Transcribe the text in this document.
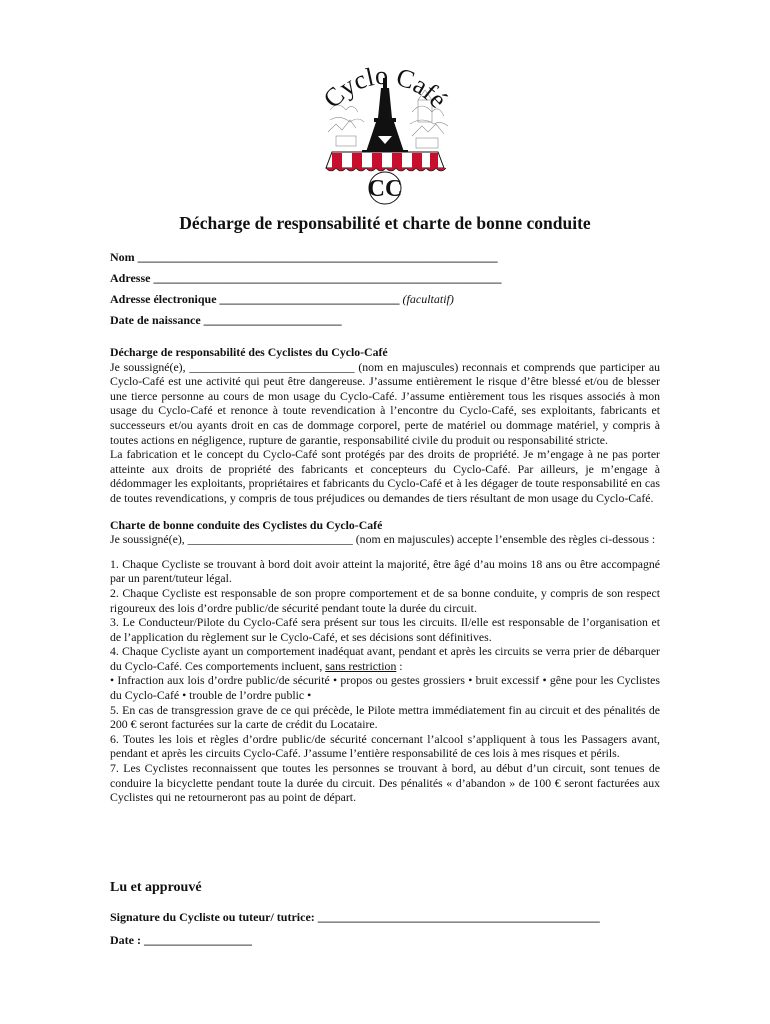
Cyclo Café
CC
Décharge de responsabilité et charte de bonne conduite
Nom ____________________________________________________________
Adresse __________________________________________________________
Adresse électronique ______________________________ (facultatif)
Date de naissance _______________________

Décharge de responsabilité des Cyclistes du Cyclo-Café

Je soussigné(e), ____________________________ (nom en majuscules) reconnais et comprends que participer au Cyclo-Café est une activité qui peut être dangereuse. J’assume entièrement le risque d’être blessé et/ou de blesser une tierce personne au cours de mon usage du Cyclo-Café. J’assume entièrement tous les risques associés à mon usage du Cyclo-Café et renonce à toute revendication à l’encontre du Cyclo-Café, ses exploitants, fabricants et successeurs et/ou ayants droit en cas de dommage corporel, perte de matériel ou dommage matériel, y compris à toutes actions en négligence, rupture de garantie, responsabilité civile du produit ou responsabilité stricte.

La fabrication et le concept du Cyclo-Café sont protégés par des droits de propriété. Je m’engage à ne pas porter atteinte aux droits de propriété des fabricants et concepteurs du Cyclo-Café. Par ailleurs, je m’engage à dédommager les exploitants, propriétaires et fabricants du Cyclo-Café et à les dégager de toute responsabilité en cas de toutes revendications, y compris de tous préjudices ou demandes de tiers résultant de mon usage du Cyclo-Café.

Charte de bonne conduite des Cyclistes du Cyclo-Café

Je soussigné(e), ____________________________ (nom en majuscules) accepte l’ensemble des règles ci-dessous :

1. Chaque Cycliste se trouvant à bord doit avoir atteint la majorité, être âgé d’au moins 18 ans ou être accompagné par un parent/tuteur légal.

2. Chaque Cycliste est responsable de son propre comportement et de sa bonne conduite, y compris de son respect rigoureux des lois d’ordre public/de sécurité pendant toute la durée du circuit.

3. Le Conducteur/Pilote du Cyclo-Café sera présent sur tous les circuits. Il/elle est responsable de l’organisation et de l’application du règlement sur le Cyclo-Café, et ses décisions sont définitives.

4. Chaque Cycliste ayant un comportement inadéquat avant, pendant et après les circuits se verra prier de débarquer du Cyclo-Café. Ces comportements incluent, sans restriction :

• Infraction aux lois d’ordre public/de sécurité • propos ou gestes grossiers • bruit excessif • gêne pour les Cyclistes du Cyclo-Café • trouble de l’ordre public •

5. En cas de transgression grave de ce qui précède, le Pilote mettra immédiatement fin au circuit et des pénalités de 200 € seront facturées sur la carte de crédit du Locataire.

6. Toutes les lois et règles d’ordre public/de sécurité concernant l’alcool s’appliquent à tous les Passagers avant, pendant et après les circuits Cyclo-Café. J’assume l’entière responsabilité de ces lois à mes risques et périls.

7. Les Cyclistes reconnaissent que toutes les personnes se trouvant à bord, au début d’un circuit, sont tenues de conduire la bicyclette pendant toute la durée du circuit. Des pénalités « d’abandon » de 100 € seront facturées aux Cyclistes qui ne retourneront pas au point de départ.

Lu et approuvé

Signature du Cycliste ou tuteur/ tutrice: _______________________________________________
Date : __________________
